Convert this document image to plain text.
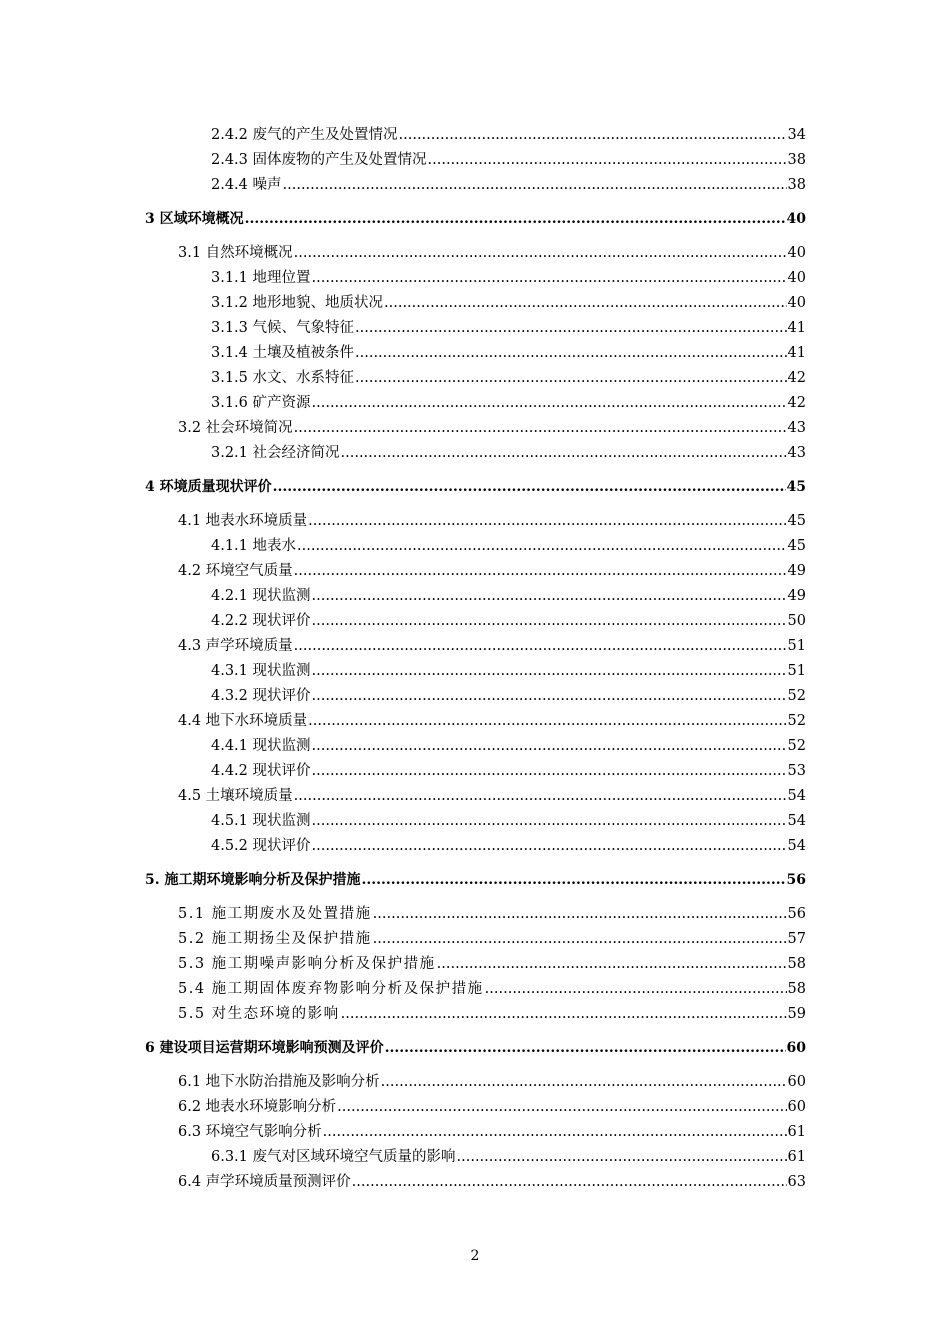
2.4.2 废气的产生及处置情况 .....	34
2.4.3 固体废物的产生及处置情况 .....	38
2.4.4 噪声 .....	38
3 区域环境概况 .....	40
3.1 自然环境概况 .....	40
3.1.1 地理位置 .....	40
3.1.2 地形地貌、地质状况 .....	40
3.1.3 气候、气象特征 .....	41
3.1.4 土壤及植被条件 .....	41
3.1.5 水文、水系特征 .....	42
3.1.6 矿产资源 .....	42
3.2 社会环境简况 .....	43
3.2.1 社会经济简况 .....	43
4 环境质量现状评价 .....	45
4.1 地表水环境质量 .....	45
4.1.1 地表水 .....	45
4.2 环境空气质量 .....	49
4.2.1 现状监测 .....	49
4.2.2 现状评价 .....	50
4.3 声学环境质量 .....	51
4.3.1 现状监测 .....	51
4.3.2 现状评价 .....	52
4.4 地下水环境质量 .....	52
4.4.1 现状监测 .....	52
4.4.2 现状评价 .....	53
4.5 土壤环境质量 .....	54
4.5.1 现状监测 .....	54
4.5.2 现状评价 .....	54
5. 施工期环境影响分析及保护措施 .....	56
5.1 施工期废水及处置措施 .....	56
5.2 施工期扬尘及保护措施 .....	57
5.3 施工期噪声影响分析及保护措施 .....	58
5.4 施工期固体废弃物影响分析及保护措施 .....	58
5.5 对生态环境的影响 .....	59
6 建设项目运营期环境影响预测及评价 .....	60
6.1 地下水防治措施及影响分析 .....	60
6.2 地表水环境影响分析 .....	60
6.3 环境空气影响分析 .....	61
6.3.1 废气对区域环境空气质量的影响 .....	61
6.4 声学环境质量预测评价 .....	63
2
